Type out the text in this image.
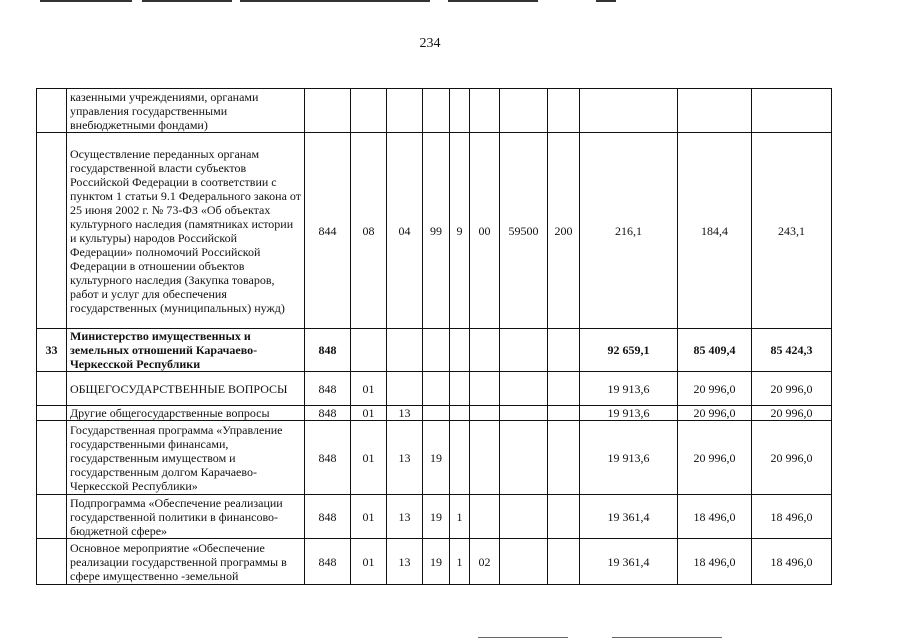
234
	казенными учреждениями, органами управления государственными внебюджетными фондами)											
	Осуществление переданных органам государственной власти субъектов Российской Федерации в соответствии с пунктом 1 статьи 9.1 Федерального закона от 25 июня 2002 г. № 73-ФЗ «Об объектах культурного наследия (памятниках истории и культуры) народов Российской Федерации» полномочий Российской Федерации в отношении объектов культурного наследия (Закупка товаров, работ и услуг для обеспечения государственных (муниципальных) нужд)	844	08	04	99	9	00	59500	200	216,1	184,4	243,1
33	Министерство имущественных и земельных отношений Карачаево-Черкесской Республики	848								92 659,1	85 409,4	85 424,3
	ОБЩЕГОСУДАРСТВЕННЫЕ ВОПРОСЫ	848	01							19 913,6	20 996,0	20 996,0
	Другие общегосударственные вопросы	848	01	13						19 913,6	20 996,0	20 996,0
	Государственная программа «Управление государственными финансами, государственным имуществом и государственным долгом Карачаево-Черкесской Республики»	848	01	13	19					19 913,6	20 996,0	20 996,0
	Подпрограмма «Обеспечение реализации государственной политики в финансово-бюджетной сфере»	848	01	13	19	1				19 361,4	18 496,0	18 496,0
	Основное мероприятие «Обеспечение реализации государственной программы в сфере имущественно -земельной	848	01	13	19	1	02			19 361,4	18 496,0	18 496,0
